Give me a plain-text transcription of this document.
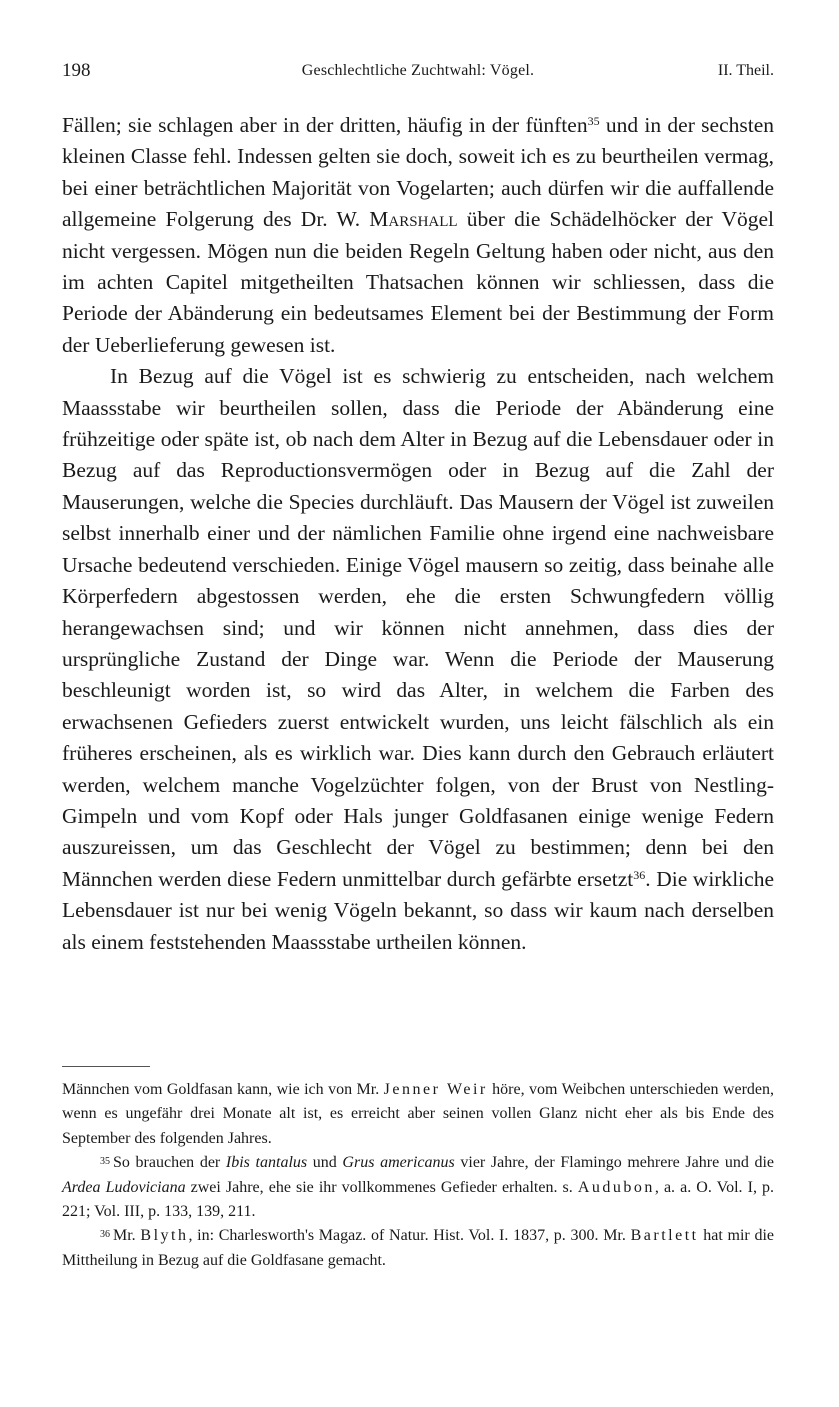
198	Geschlechtliche Zuchtwahl: Vögel.	II. Theil.

Fällen; sie schlagen aber in der dritten, häufig in der fünften$^{35}$ und in der sechsten kleinen Classe fehl. Indessen gelten sie doch, soweit ich es zu beurtheilen vermag, bei einer beträchtlichen Majorität von Vogelarten; auch dürfen wir die auffallende allgemeine Folgerung des Dr. W. Marshall über die Schädelhöcker der Vögel nicht vergessen. Mögen nun die beiden Regeln Geltung haben oder nicht, aus den im achten Capitel mitgetheilten Thatsachen können wir schliessen, dass die Periode der Abänderung ein bedeutsames Element bei der Bestimmung der Form der Ueberlieferung gewesen ist.

In Bezug auf die Vögel ist es schwierig zu entscheiden, nach welchem Maassstabe wir beurtheilen sollen, dass die Periode der Abänderung eine frühzeitige oder späte ist, ob nach dem Alter in Bezug auf die Lebensdauer oder in Bezug auf das Reproductionsvermögen oder in Bezug auf die Zahl der Mauserungen, welche die Species durchläuft. Das Mausern der Vögel ist zuweilen selbst innerhalb einer und der nämlichen Familie ohne irgend eine nachweisbare Ursache bedeutend verschieden. Einige Vögel mausern so zeitig, dass beinahe alle Körperfedern abgestossen werden, ehe die ersten Schwungfedern völlig herangewachsen sind; und wir können nicht annehmen, dass dies der ursprüngliche Zustand der Dinge war. Wenn die Periode der Mauserung beschleunigt worden ist, so wird das Alter, in welchem die Farben des erwachsenen Gefieders zuerst entwickelt wurden, uns leicht fälschlich als ein früheres erscheinen, als es wirklich war. Dies kann durch den Gebrauch erläutert werden, welchem manche Vogelzüchter folgen, von der Brust von Nestling-Gimpeln und vom Kopf oder Hals junger Goldfasanen einige wenige Federn auszureissen, um das Geschlecht der Vögel zu bestimmen; denn bei den Männchen werden diese Federn unmittelbar durch gefärbte ersetzt$^{36}$. Die wirkliche Lebensdauer ist nur bei wenig Vögeln bekannt, so dass wir kaum nach derselben als einem feststehenden Maassstabe urtheilen können.

Männchen vom Goldfasan kann, wie ich von Mr. Jenner Weir höre, vom Weibchen unterschieden werden, wenn es ungefähr drei Monate alt ist, es erreicht aber seinen vollen Glanz nicht eher als bis Ende des September des folgenden Jahres.

$^{35}$ So brauchen der Ibis tantalus und Grus americanus vier Jahre, der Flamingo mehrere Jahre und die Ardea Ludoviciana zwei Jahre, ehe sie ihr vollkommenes Gefieder erhalten. s. Audubon, a. a. O. Vol. I, p. 221; Vol. III, p. 133, 139, 211.

$^{36}$ Mr. Blyth, in: Charlesworth's Magaz. of Natur. Hist. Vol. I. 1837, p. 300. Mr. Bartlett hat mir die Mittheilung in Bezug auf die Goldfasane gemacht.
